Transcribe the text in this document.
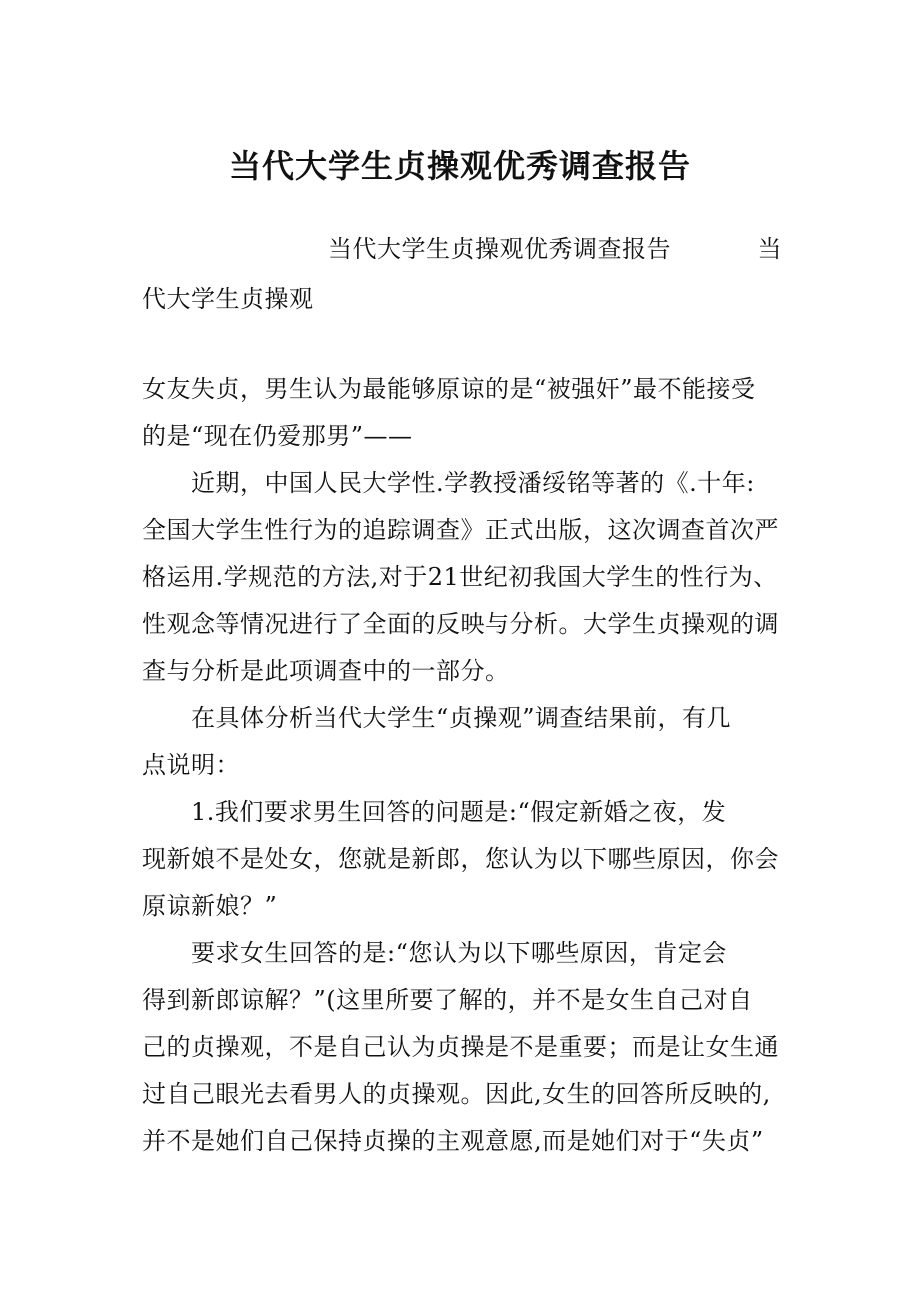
当代大学生贞操观优秀调查报告
当代大学生贞操观优秀调查报告	当
代大学生贞操观
女友失贞，男生认为最能够原谅的是“被强奸”最不能接受
的是“现在仍爱那男”——
　　近期，中国人民大学性.学教授潘绥铭等著的《.十年:
全国大学生性行为的追踪调查》正式出版，这次调查首次严
格运用.学规范的方法,对于21世纪初我国大学生的性行为、
性观念等情况进行了全面的反映与分析。大学生贞操观的调
查与分析是此项调查中的一部分。
　　在具体分析当代大学生“贞操观”调查结果前，有几
点说明：
　　1.我们要求男生回答的问题是:“假定新婚之夜，发
现新娘不是处女，您就是新郎，您认为以下哪些原因，你会
原谅新娘？”
　　要求女生回答的是:“您认为以下哪些原因，肯定会
得到新郎谅解？”(这里所要了解的，并不是女生自己对自
己的贞操观，不是自己认为贞操是不是重要；而是让女生通
过自己眼光去看男人的贞操观。因此,女生的回答所反映的,
并不是她们自己保持贞操的主观意愿,而是她们对于“失贞”
